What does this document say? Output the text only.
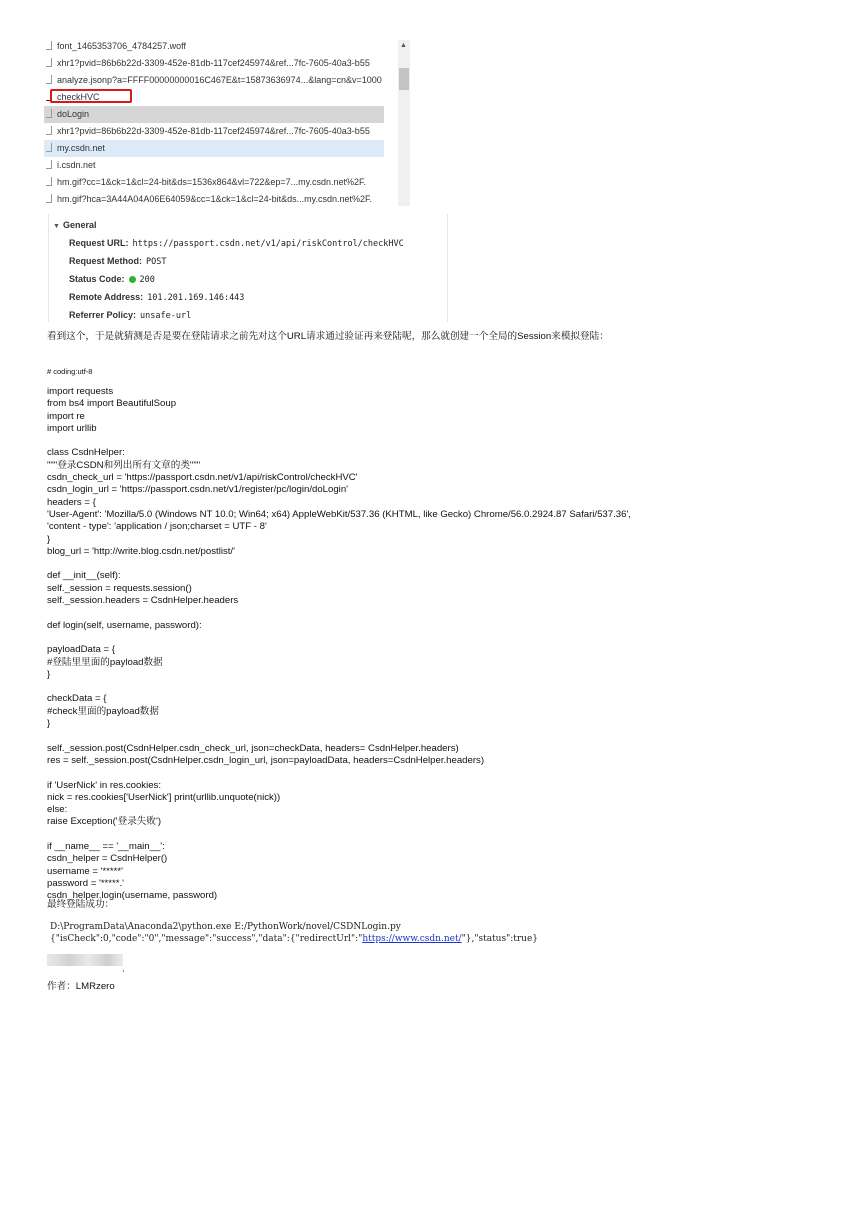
font_1465353706_4784257.woff
xhr1?pvid=86b6b22d-3309-452e-81db-117cef245974&ref...7fc-7605-40a3-b55
analyze.jsonp?a=FFFF00000000016C467E&t=15873636974...&lang=cn&v=1000
checkHVC
doLogin
xhr1?pvid=86b6b22d-3309-452e-81db-117cef245974&ref...7fc-7605-40a3-b55
my.csdn.net
i.csdn.net
hm.gif?cc=1&ck=1&cl=24-bit&ds=1536x864&vl=722&ep=7...my.csdn.net%2F.
hm.gif?hca=3A44A04A06E64059&cc=1&ck=1&cl=24-bit&ds...my.csdn.net%2F.
▲
▼ General
Request URL: https://passport.csdn.net/v1/api/riskControl/checkHVC
Request Method: POST
Status Code: 200
Remote Address: 101.201.169.146:443
Referrer Policy: unsafe-url
看到这个，于是就猜测是否是要在登陆请求之前先对这个URL请求通过验证再来登陆呢，那么就创建一个全局的Session来模拟登陆：
# coding:utf-8
import requests
from bs4 import BeautifulSoup
import re
import urllib
class CsdnHelper:
"""登录CSDN和列出所有文章的类"""
csdn_check_url = 'https://passport.csdn.net/v1/api/riskControl/checkHVC'
csdn_login_url = 'https://passport.csdn.net/v1/register/pc/login/doLogin'
headers = {
'User-Agent': 'Mozilla/5.0 (Windows NT 10.0; Win64; x64) AppleWebKit/537.36 (KHTML, like Gecko) Chrome/56.0.2924.87 Safari/537.36',
'content - type': 'application / json;charset = UTF - 8'
}
blog_url = 'http://write.blog.csdn.net/postlist/'
def __init__(self):
self._session = requests.session()
self._session.headers = CsdnHelper.headers
def login(self, username, password):
payloadData = {
#登陆里里面的payload数据
}
checkData = {
#check里面的payload数据
}
self._session.post(CsdnHelper.csdn_check_url, json=checkData, headers= CsdnHelper.headers)
res = self._session.post(CsdnHelper.csdn_login_url, json=payloadData, headers=CsdnHelper.headers)
if 'UserNick' in res.cookies:
nick = res.cookies['UserNick'] print(urllib.unquote(nick))
else:
raise Exception('登录失败')
if __name__ == '__main__':
csdn_helper = CsdnHelper()
username = '*****'
password = '*****.'
csdn_helper.login(username, password)
最终登陆成功：
D:\ProgramData\Anaconda2\python.exe E:/PythonWork/novel/CSDNLogin.py
{"isCheck":0,"code":"0","message":"success","data":{"redirectUrl":"https://www.csdn.net/"},"status":true}
,
作者：LMRzero
